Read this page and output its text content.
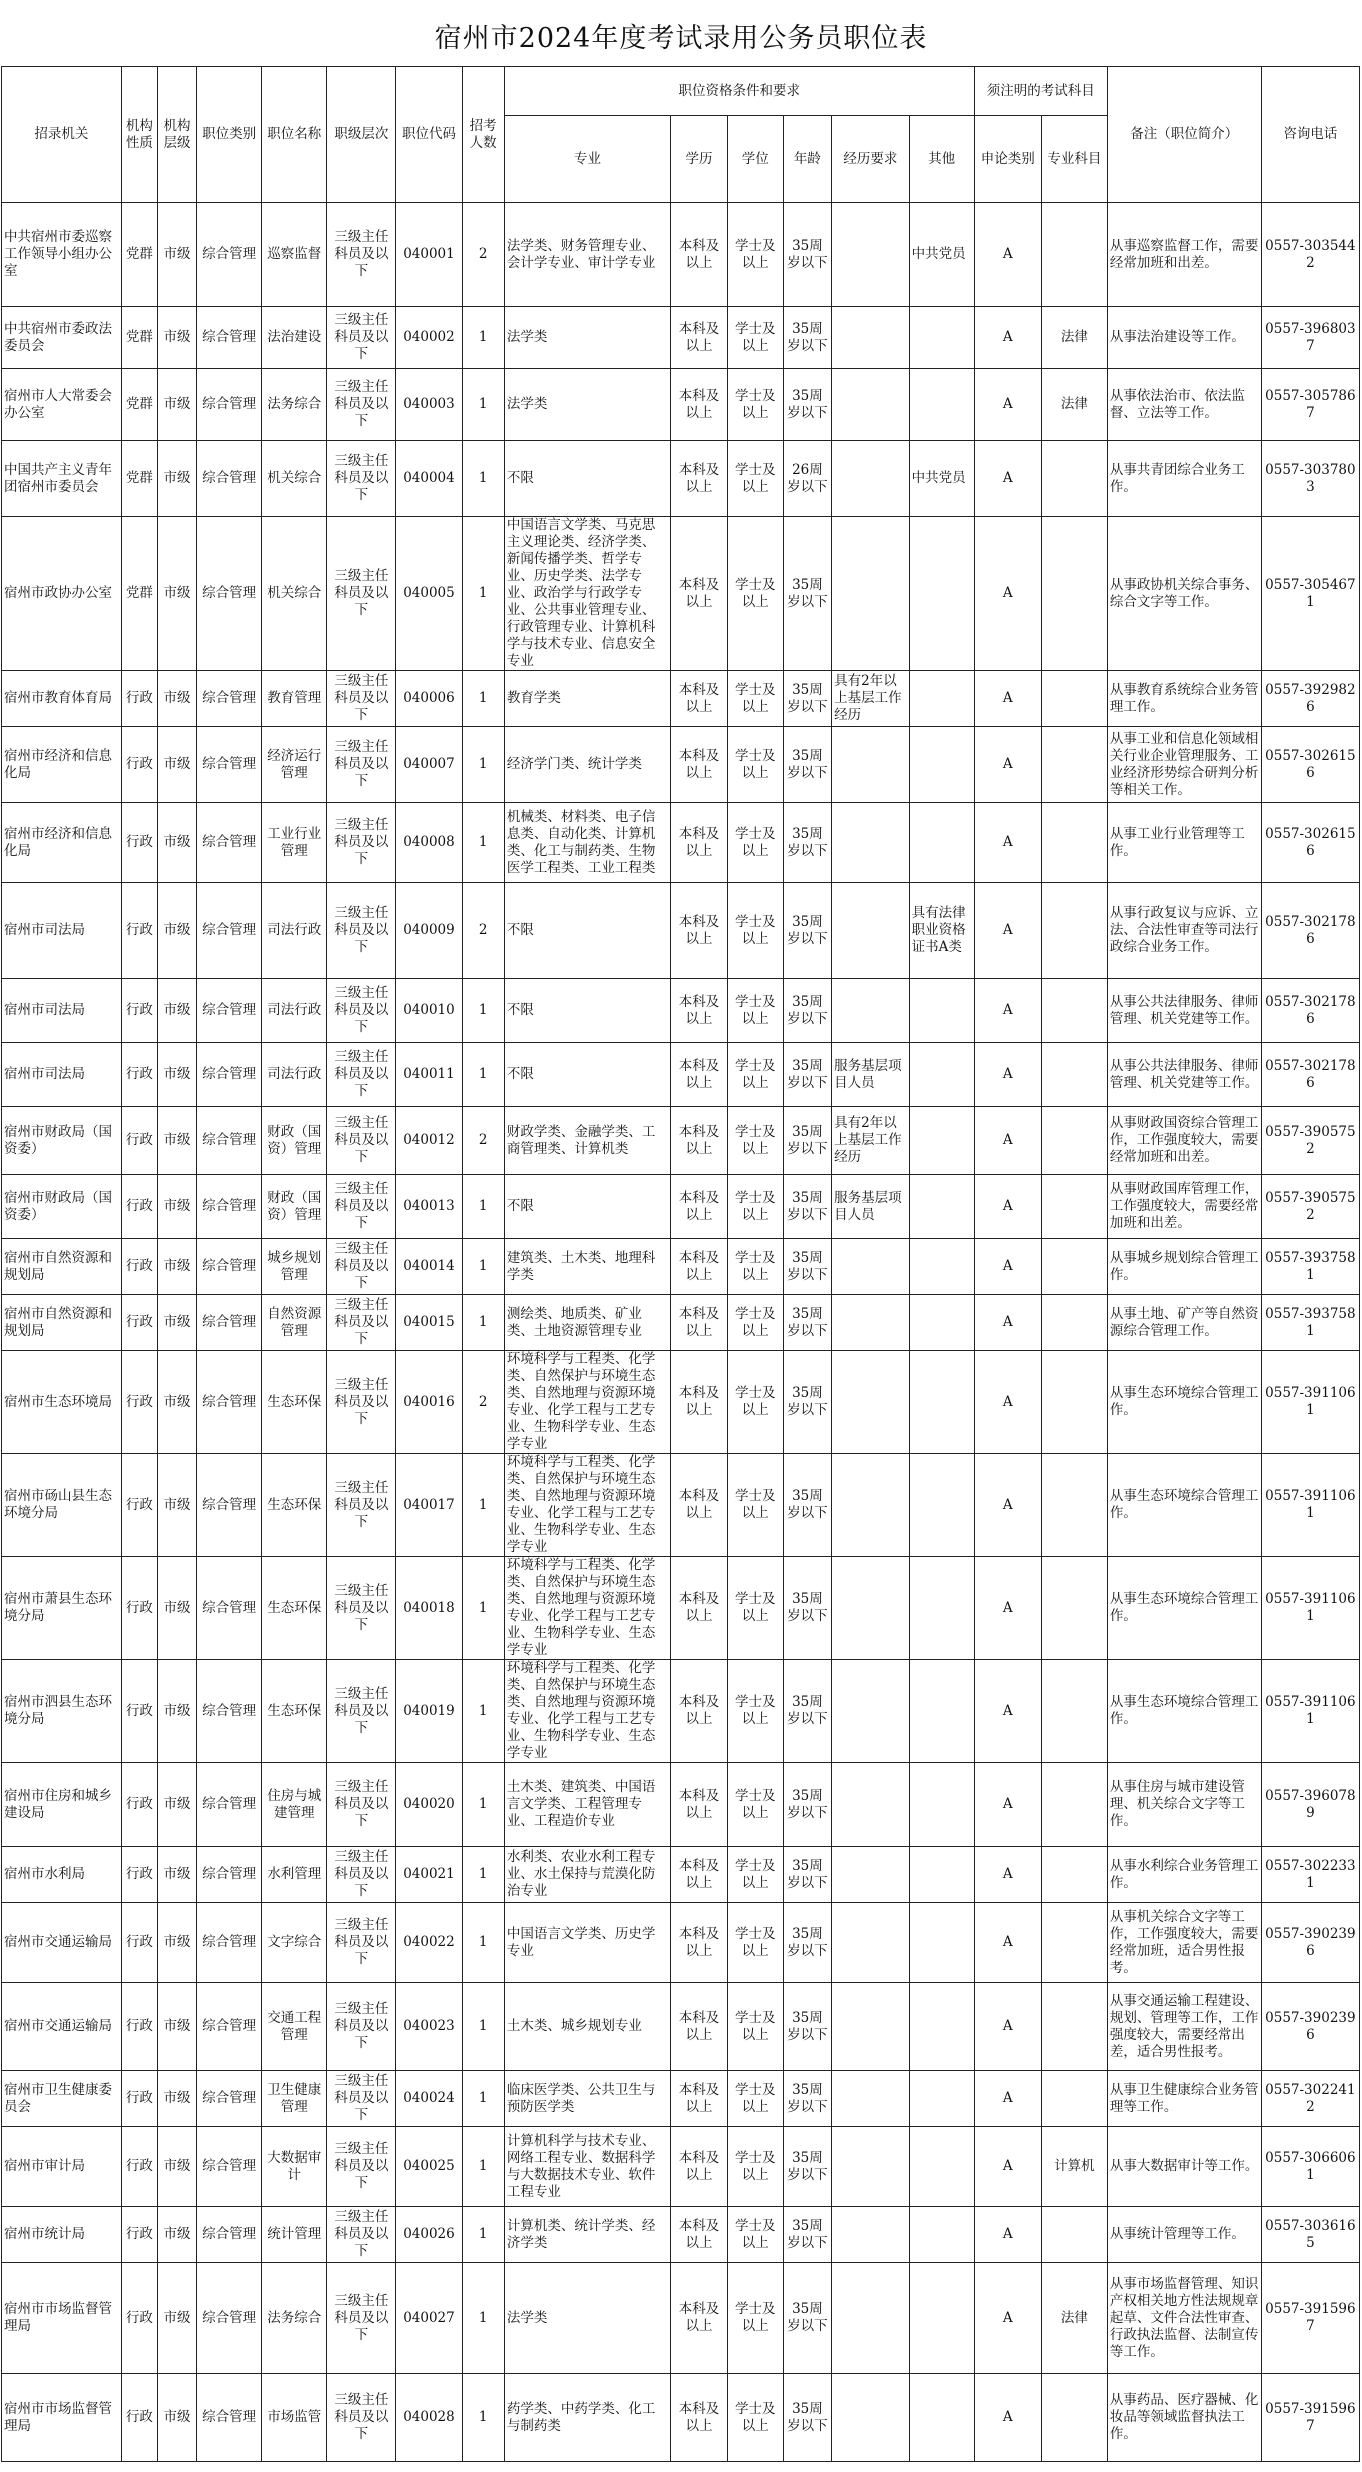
宿州市2024年度考试录用公务员职位表
招录机关	机构性质	机构层级	职位类别	职位名称	职级层次	职位代码	招考人数	职位资格条件和要求						须注明的考试科目		备注（职位简介）	咨询电话
								专业	学历	学位	年龄	经历要求	其他	申论类别	专业科目		
中共宿州市委巡察工作领导小组办公室	党群	市级	综合管理	巡察监督	三级主任科员及以下	040001	2	法学类、财务管理专业、会计学专业、审计学专业	本科及以上	学士及以上	35周岁以下		中共党员	A		从事巡察监督工作，需要经常加班和出差。	0557-3035442
中共宿州市委政法委员会	党群	市级	综合管理	法治建设	三级主任科员及以下	040002	1	法学类	本科及以上	学士及以上	35周岁以下			A	法律	从事法治建设等工作。	0557-3968037
宿州市人大常委会办公室	党群	市级	综合管理	法务综合	三级主任科员及以下	040003	1	法学类	本科及以上	学士及以上	35周岁以下			A	法律	从事依法治市、依法监督、立法等工作。	0557-3057867
中国共产主义青年团宿州市委员会	党群	市级	综合管理	机关综合	三级主任科员及以下	040004	1	不限	本科及以上	学士及以上	26周岁以下		中共党员	A		从事共青团综合业务工作。	0557-3037803
宿州市政协办公室	党群	市级	综合管理	机关综合	三级主任科员及以下	040005	1	中国语言文学类、马克思主义理论类、经济学类、新闻传播学类、哲学专业、历史学类、法学专业、政治学与行政学专业、公共事业管理专业、行政管理专业、计算机科学与技术专业、信息安全专业	本科及以上	学士及以上	35周岁以下			A		从事政协机关综合事务、综合文字等工作。	0557-3054671
宿州市教育体育局	行政	市级	综合管理	教育管理	三级主任科员及以下	040006	1	教育学类	本科及以上	学士及以上	35周岁以下	具有2年以上基层工作经历		A		从事教育系统综合业务管理工作。	0557-3929826
宿州市经济和信息化局	行政	市级	综合管理	经济运行管理	三级主任科员及以下	040007	1	经济学门类、统计学类	本科及以上	学士及以上	35周岁以下			A		从事工业和信息化领域相关行业企业管理服务、工业经济形势综合研判分析等相关工作。	0557-3026156
宿州市经济和信息化局	行政	市级	综合管理	工业行业管理	三级主任科员及以下	040008	1	机械类、材料类、电子信息类、自动化类、计算机类、化工与制药类、生物医学工程类、工业工程类	本科及以上	学士及以上	35周岁以下			A		从事工业行业管理等工作。	0557-3026156
宿州市司法局	行政	市级	综合管理	司法行政	三级主任科员及以下	040009	2	不限	本科及以上	学士及以上	35周岁以下		具有法律职业资格证书A类	A		从事行政复议与应诉、立法、合法性审查等司法行政综合业务工作。	0557-3021786
宿州市司法局	行政	市级	综合管理	司法行政	三级主任科员及以下	040010	1	不限	本科及以上	学士及以上	35周岁以下			A		从事公共法律服务、律师管理、机关党建等工作。	0557-3021786
宿州市司法局	行政	市级	综合管理	司法行政	三级主任科员及以下	040011	1	不限	本科及以上	学士及以上	35周岁以下	服务基层项目人员		A		从事公共法律服务、律师管理、机关党建等工作。	0557-3021786
宿州市财政局（国资委）	行政	市级	综合管理	财政（国资）管理	三级主任科员及以下	040012	2	财政学类、金融学类、工商管理类、计算机类	本科及以上	学士及以上	35周岁以下	具有2年以上基层工作经历		A		从事财政国资综合管理工作，工作强度较大，需要经常加班和出差。	0557-3905752
宿州市财政局（国资委）	行政	市级	综合管理	财政（国资）管理	三级主任科员及以下	040013	1	不限	本科及以上	学士及以上	35周岁以下	服务基层项目人员		A		从事财政国库管理工作，工作强度较大，需要经常加班和出差。	0557-3905752
宿州市自然资源和规划局	行政	市级	综合管理	城乡规划管理	三级主任科员及以下	040014	1	建筑类、土木类、地理科学类	本科及以上	学士及以上	35周岁以下			A		从事城乡规划综合管理工作。	0557-3937581
宿州市自然资源和规划局	行政	市级	综合管理	自然资源管理	三级主任科员及以下	040015	1	测绘类、地质类、矿业类、土地资源管理专业	本科及以上	学士及以上	35周岁以下			A		从事土地、矿产等自然资源综合管理工作。	0557-3937581
宿州市生态环境局	行政	市级	综合管理	生态环保	三级主任科员及以下	040016	2	环境科学与工程类、化学类、自然保护与环境生态类、自然地理与资源环境专业、化学工程与工艺专业、生物科学专业、生态学专业	本科及以上	学士及以上	35周岁以下			A		从事生态环境综合管理工作。	0557-3911061
宿州市砀山县生态环境分局	行政	市级	综合管理	生态环保	三级主任科员及以下	040017	1	环境科学与工程类、化学类、自然保护与环境生态类、自然地理与资源环境专业、化学工程与工艺专业、生物科学专业、生态学专业	本科及以上	学士及以上	35周岁以下			A		从事生态环境综合管理工作。	0557-3911061
宿州市萧县生态环境分局	行政	市级	综合管理	生态环保	三级主任科员及以下	040018	1	环境科学与工程类、化学类、自然保护与环境生态类、自然地理与资源环境专业、化学工程与工艺专业、生物科学专业、生态学专业	本科及以上	学士及以上	35周岁以下			A		从事生态环境综合管理工作。	0557-3911061
宿州市泗县生态环境分局	行政	市级	综合管理	生态环保	三级主任科员及以下	040019	1	环境科学与工程类、化学类、自然保护与环境生态类、自然地理与资源环境专业、化学工程与工艺专业、生物科学专业、生态学专业	本科及以上	学士及以上	35周岁以下			A		从事生态环境综合管理工作。	0557-3911061
宿州市住房和城乡建设局	行政	市级	综合管理	住房与城建管理	三级主任科员及以下	040020	1	土木类、建筑类、中国语言文学类、工程管理专业、工程造价专业	本科及以上	学士及以上	35周岁以下			A		从事住房与城市建设管理、机关综合文字等工作。	0557-3960789
宿州市水利局	行政	市级	综合管理	水利管理	三级主任科员及以下	040021	1	水利类、农业水利工程专业、水土保持与荒漠化防治专业	本科及以上	学士及以上	35周岁以下			A		从事水利综合业务管理工作。	0557-3022331
宿州市交通运输局	行政	市级	综合管理	文字综合	三级主任科员及以下	040022	1	中国语言文学类、历史学专业	本科及以上	学士及以上	35周岁以下			A		从事机关综合文字等工作，工作强度较大，需要经常加班，适合男性报考。	0557-3902396
宿州市交通运输局	行政	市级	综合管理	交通工程管理	三级主任科员及以下	040023	1	土木类、城乡规划专业	本科及以上	学士及以上	35周岁以下			A		从事交通运输工程建设、规划、管理等工作，工作强度较大，需要经常出差，适合男性报考。	0557-3902396
宿州市卫生健康委员会	行政	市级	综合管理	卫生健康管理	三级主任科员及以下	040024	1	临床医学类、公共卫生与预防医学类	本科及以上	学士及以上	35周岁以下			A		从事卫生健康综合业务管理等工作。	0557-3022412
宿州市审计局	行政	市级	综合管理	大数据审计	三级主任科员及以下	040025	1	计算机科学与技术专业、网络工程专业、数据科学与大数据技术专业、软件工程专业	本科及以上	学士及以上	35周岁以下			A	计算机	从事大数据审计等工作。	0557-3066061
宿州市统计局	行政	市级	综合管理	统计管理	三级主任科员及以下	040026	1	计算机类、统计学类、经济学类	本科及以上	学士及以上	35周岁以下			A		从事统计管理等工作。	0557-3036165
宿州市市场监督管理局	行政	市级	综合管理	法务综合	三级主任科员及以下	040027	1	法学类	本科及以上	学士及以上	35周岁以下			A	法律	从事市场监督管理、知识产权相关地方性法规规章起草、文件合法性审查、行政执法监督、法制宣传等工作。	0557-3915967
宿州市市场监督管理局	行政	市级	综合管理	市场监管	三级主任科员及以下	040028	1	药学类、中药学类、化工与制药类	本科及以上	学士及以上	35周岁以下			A		从事药品、医疗器械、化妆品等领域监督执法工作。	0557-3915967
